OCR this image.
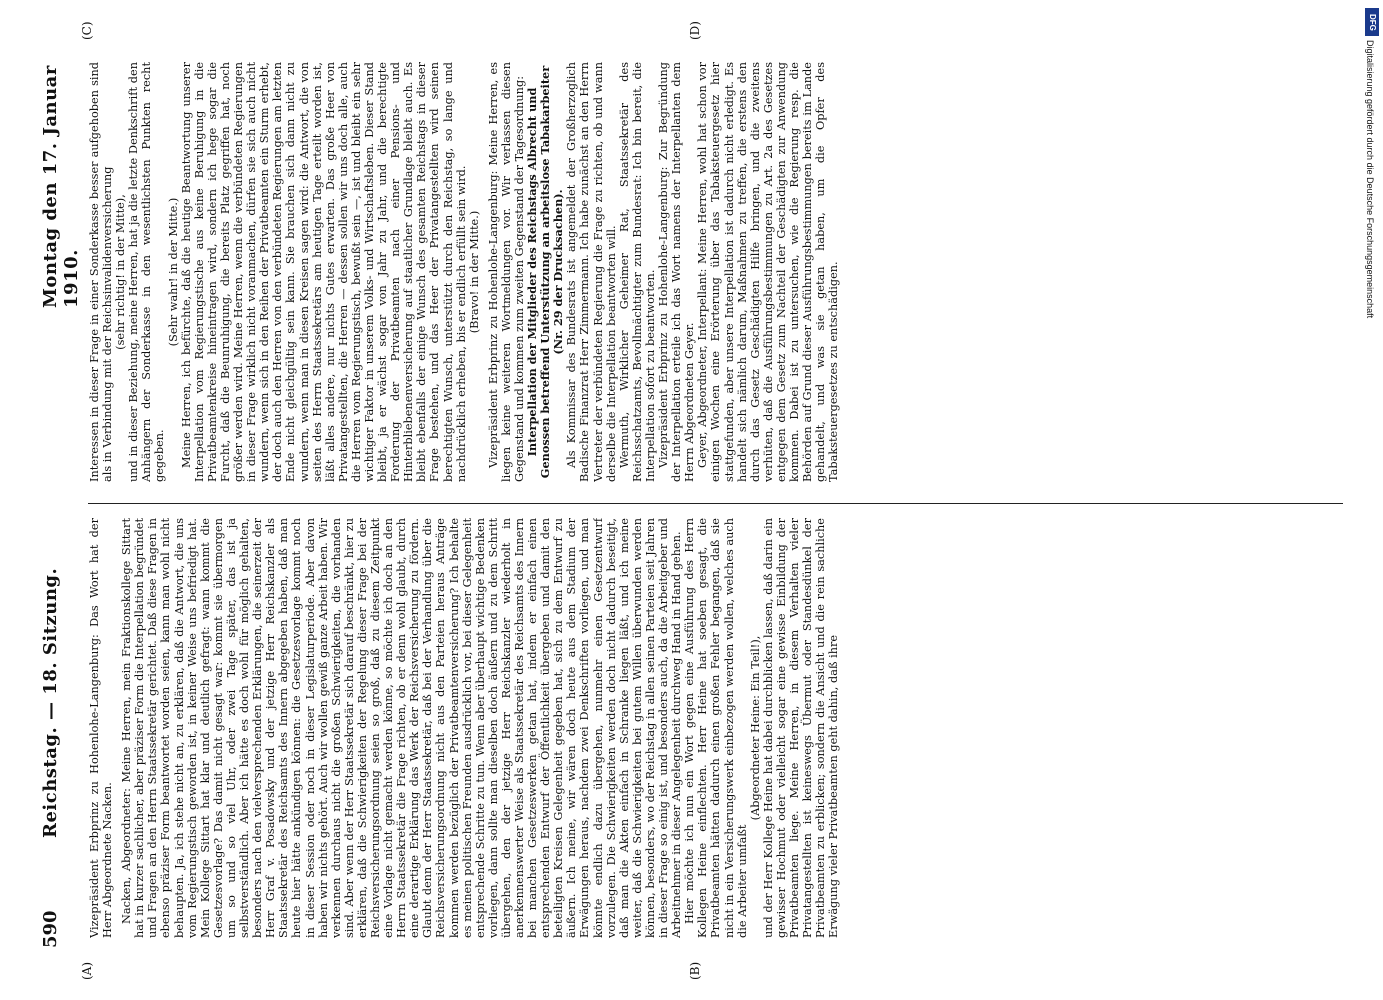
590
Reichstag. — 18. Sitzung.
Montag den 17. Januar 1910.
(A)	(B)
(C)	(D)

Vizepräsident Erbprinz zu Hohenlohe-Langenburg: Das Wort hat der Herr Abgeordnete Nacken. Nacken, Abgeordneter: Meine Herren, mein Fraktionskollege Sittart hat in kurzer sachlicher, aber präziser Form die Interpellation begründet und Fragen an den Herrn Staatssekretär gerichtet. Daß diese Fragen in ebenso präziser Form beantwortet worden seien, kann man wohl nicht behaupten. Ja, ich stehe nicht an, zu erklären, daß die Antwort, die uns vom Regierungstisch geworden ist, in keiner Weise uns befriedigt hat. Mein Kollege Sittart hat klar und deutlich gefragt: wann kommt die Gesetzesvorlage? Das damit nicht gesagt war: kommt sie übermorgen um so und so viel Uhr, oder zwei Tage später, das ist ja selbstverständlich. Aber ich hätte es doch wohl für möglich gehalten, besonders nach den vielversprechenden Erklärungen, die seinerzeit der Herr Graf v. Posadowsky und der jetzige Herr Reichskanzler als Staatssekretär des Reichsamts des Innern abgegeben haben, daß man heute hier hätte ankündigen können: die Gesetzesvorlage kommt noch in dieser Session oder noch in dieser Legislaturperiode. Aber davon haben wir nichts gehört. Auch wir wollen gewiß ganze Arbeit haben. Wir verkennen durchaus nicht die großen Schwierigkeiten, die vorhanden sind. Aber wenn der Herr Staatssekretär sich darauf beschränkt, hier zu erklären, daß die Schwierigkeiten der Regelung dieser Frage bei der Reichsversicherungsordnung seien so groß, daß zu diesem Zeitpunkt eine Vorlage nicht gemacht werden könne, so möchte ich doch an den Herrn Staatssekretär die Frage richten, ob er denn wohl glaubt, durch eine derartige Erklärung das Werk der Reichsversicherung zu fördern. Glaubt denn der Herr Staatssekretär, daß bei der Verhandlung über die Reichsversicherungsordnung nicht aus den Parteien heraus Anträge kommen werden bezüglich der Privatbeamtenversicherung? Ich behalte es meinen politischen Freunden ausdrücklich vor, bei dieser Gelegenheit entsprechende Schritte zu tun. Wenn aber überhaupt wichtige Bedenken vorliegen, dann sollte man dieselben doch äußern und zu dem Schritt übergehen, den der jetzige Herr Reichskanzler wiederholt in anerkennenswerter Weise als Staatssekretär des Reichsamts des Innern bei manchen Gesetzeswerken getan hat, indem er einfach einen entsprechenden Entwurf der Öffentlichkeit übergeben und damit den beteiligten Kreisen Gelegenheit gegeben hat, sich zu dem Entwurf zu äußern. Ich meine, wir wären doch heute aus dem Stadium der Erwägungen heraus, nachdem zwei Denkschriften vorliegen, und man könnte endlich dazu übergehen, nunmehr einen Gesetzentwurf vorzulegen. Die Schwierigkeiten werden doch nicht dadurch beseitigt, daß man die Akten einfach in Schranke liegen läßt, und ich meine weiter, daß die Schwierigkeiten bei gutem Willen überwunden werden können, besonders, wo der Reichstag in allen seinen Parteien seit Jahren in dieser Frage so einig ist, und besonders auch, da die Arbeitgeber und Arbeitnehmer in dieser Angelegenheit durchweg Hand in Hand gehen. Hier möchte ich nun ein Wort gegen eine Ausführung des Herrn Kollegen Heine einflechten. Herr Heine hat soeben gesagt, die Privatbeamten hätten dadurch einen großen Fehler begangen, daß sie nicht in ein Versicherungswerk einbezogen werden wollen, welches auch die Arbeiter umfaßt

(Abgeordneter Heine: Ein Teil!), und der Herr Kollege Heine hat dabei durchblicken lassen, daß darin ein gewisser Hochmut oder vielleicht sogar eine gewisse Einbildung der Privatbeamten liege. Meine Herren, in diesem Verhalten vieler Privatangestellten ist keineswegs Übermut oder Standesdünkel der Privatbeamten zu erblicken; sondern die Ansicht und die rein sachliche Erwägung vieler Privatbeamten geht dahin, daß ihre

Interessen in dieser Frage in einer Sonderkasse besser aufgehoben sind als in Verbindung mit der Reichsinvalidenversicherung (sehr richtig! in der Mitte), und in dieser Beziehung, meine Herren, hat ja die letzte Denkschrift den Anhängern der Sonderkasse in den wesentlichsten Punkten recht gegeben.

(Sehr wahr! in der Mitte.) Meine Herren, ich befürchte, daß die heutige Beantwortung unserer Interpellation vom Regierungstische aus keine Beruhigung in die Privatbeamtenkreise hineintragen wird, sondern ich hege sogar die Furcht, daß die Beunruhigung, die bereits Platz gegriffen hat, noch größer werden wird. Meine Herren, wenn die verbündeten Regierungen in dieser Frage wirklich nicht voranmachen, dürfen sie sich auch nicht wundern, wenn sich in den Reihen der Privatbeamten ein Sturm erhebt, der doch auch den Herren von den verbündeten Regierungen am letzten Ende nicht gleichgültig sein kann. Sie brauchen sich dann nicht zu wundern, wenn man in diesen Kreisen sagen wird: die Antwort, die von seiten des Herrn Staatssekretärs am heutigen Tage erteilt worden ist, läßt alles andere, nur nichts Gutes erwarten. Das große Heer von Privatangestellten, die Herren — dessen sollen wir uns doch alle, auch die Herren vom Regierungstisch, bewußt sein —, ist und bleibt ein sehr wichtiger Faktor in unserem Volks- und Wirtschaftsleben. Dieser Stand bleibt, ja er wächst sogar von Jahr zu Jahr, und die berechtigte Forderung der Privatbeamten nach einer Pensions- und Hinterbliebenenversicherung auf staatlicher Grundlage bleibt auch. Es bleibt ebenfalls der einige Wunsch des gesamten Reichstags in dieser Frage bestehen, und das Heer der Privatangestellten wird seinen berechtigten Wunsch, unterstützt durch den Reichstag, so lange und nachdrücklich erheben, bis er endlich erfüllt sein wird. (Bravo! in der Mitte.) Vizepräsident Erbprinz zu Hohenlohe-Langenburg: Meine Herren, es liegen keine weiteren Wortmeldungen vor. Wir verlassen diesen Gegenstand und kommen zum zweiten Gegenstand der Tagesordnung: Interpellation der Mitglieder des Reichstags Albrecht und Genossen betreffend Unterstützung an arbeitslose Tabakarbeiter (Nr. 29 der Drucksachen). Als Kommissar des Bundesrats ist angemeldet der Großherzoglich Badische Finanzrat Herr Zimmermann. Ich habe zunächst an den Herrn Vertreter der verbündeten Regierung die Frage zu richten, ob und wann derselbe die Interpellation beantworten will. Wermuth, Wirklicher Geheimer Rat, Staatssekretär des Reichsschatzamts, Bevollmächtigter zum Bundesrat: Ich bin bereit, die Interpellation sofort zu beantworten. Vizepräsident Erbprinz zu Hohenlohe-Langenburg: Zur Begründung der Interpellation erteile ich das Wort namens der Interpellanten dem Herrn Abgeordneten Geyer. Geyer, Abgeordneter, Interpellant: Meine Herren, wohl hat schon vor einigen Wochen eine Erörterung über das Tabaksteuergesetz hier stattgefunden, aber unsere Interpellation ist dadurch nicht erledigt. Es handelt sich nämlich darum, Maßnahmen zu treffen, die erstens den durch das Gesetz Geschädigten Hilfe bringen, und die zweitens verhüten, daß die Ausführungsbestimmungen zu Art. 2a des Gesetzes entgegen dem Gesetz zum Nachteil der Geschädigten zur Anwendung kommen. Dabei ist zu untersuchen, wie die Regierung resp. die Behörden auf Grund dieser Ausführungsbestimmungen bereits im Lande gehandelt, und was sie getan haben, um die Opfer des Tabaksteuergesetzes zu entschädigen.

DFG
Digitalisierung gefördert durch die Deutsche Forschungsgemeinschaft
